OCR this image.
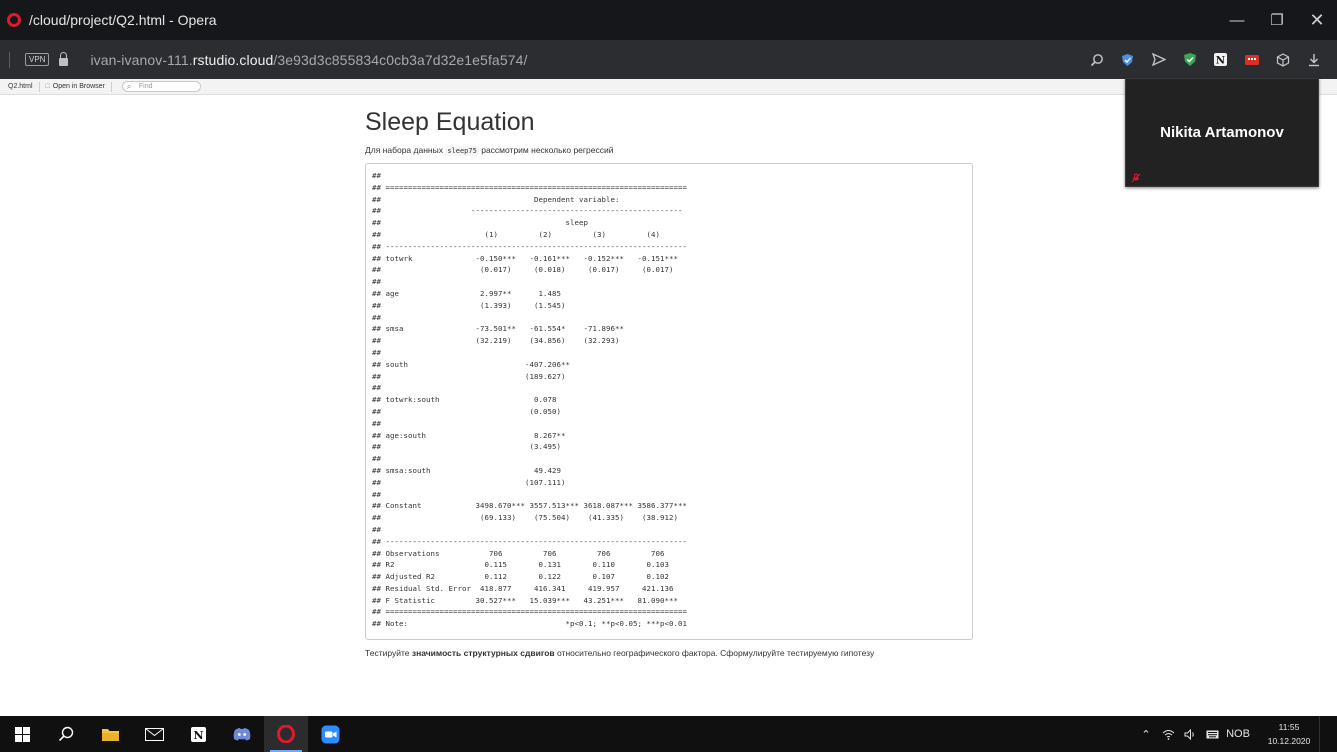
/cloud/project/Q2.html - Opera	—	❐	✕
VPN	ivan-ivanov-111.rstudio.cloud/3e93d3c855834c0cb3a7d32e1e5fa574/	N
Q2.html □ Open in Browser
⌕	Find
Sleep Equation

Для набора данных sleep75 рассмотрим несколько регрессий

##
## ===================================================================
##                                  Dependent variable:
##                    -----------------------------------------------
##                                         sleep
##                       (1)         (2)         (3)         (4)
## -------------------------------------------------------------------
## totwrk              -0.150***   -0.161***   -0.152***   -0.151***
##                      (0.017)     (0.018)     (0.017)     (0.017)
##
## age                  2.997**      1.485
##                      (1.393)     (1.545)
##
## smsa                -73.501**   -61.554*    -71.896**
##                     (32.219)    (34.856)    (32.293)
##
## south                          -407.206**
##                                (189.627)
##
## totwrk:south                     0.078
##                                 (0.050)
##
## age:south                        8.267**
##                                 (3.495)
##
## smsa:south                       49.429
##                                (107.111)
##
## Constant            3498.670*** 3557.513*** 3618.087*** 3586.377***
##                      (69.133)    (75.504)    (41.335)    (38.912)
##
## -------------------------------------------------------------------
## Observations           706         706         706         706
## R2                    0.115       0.131       0.110       0.103
## Adjusted R2           0.112       0.122       0.107       0.102
## Residual Std. Error  418.877     416.341     419.957     421.136
## F Statistic         30.527***   15.039***   43.251***   81.090***
## ===================================================================
## Note:                                   *p<0.1; **p<0.05; ***p<0.01

Тестируйте значимость структурных сдвигов относительно географического фактора. Сформулируйте тестируемую гипотезу

Nikita Artamonov
N	⌃	NOB
11:55
10.12.2020
